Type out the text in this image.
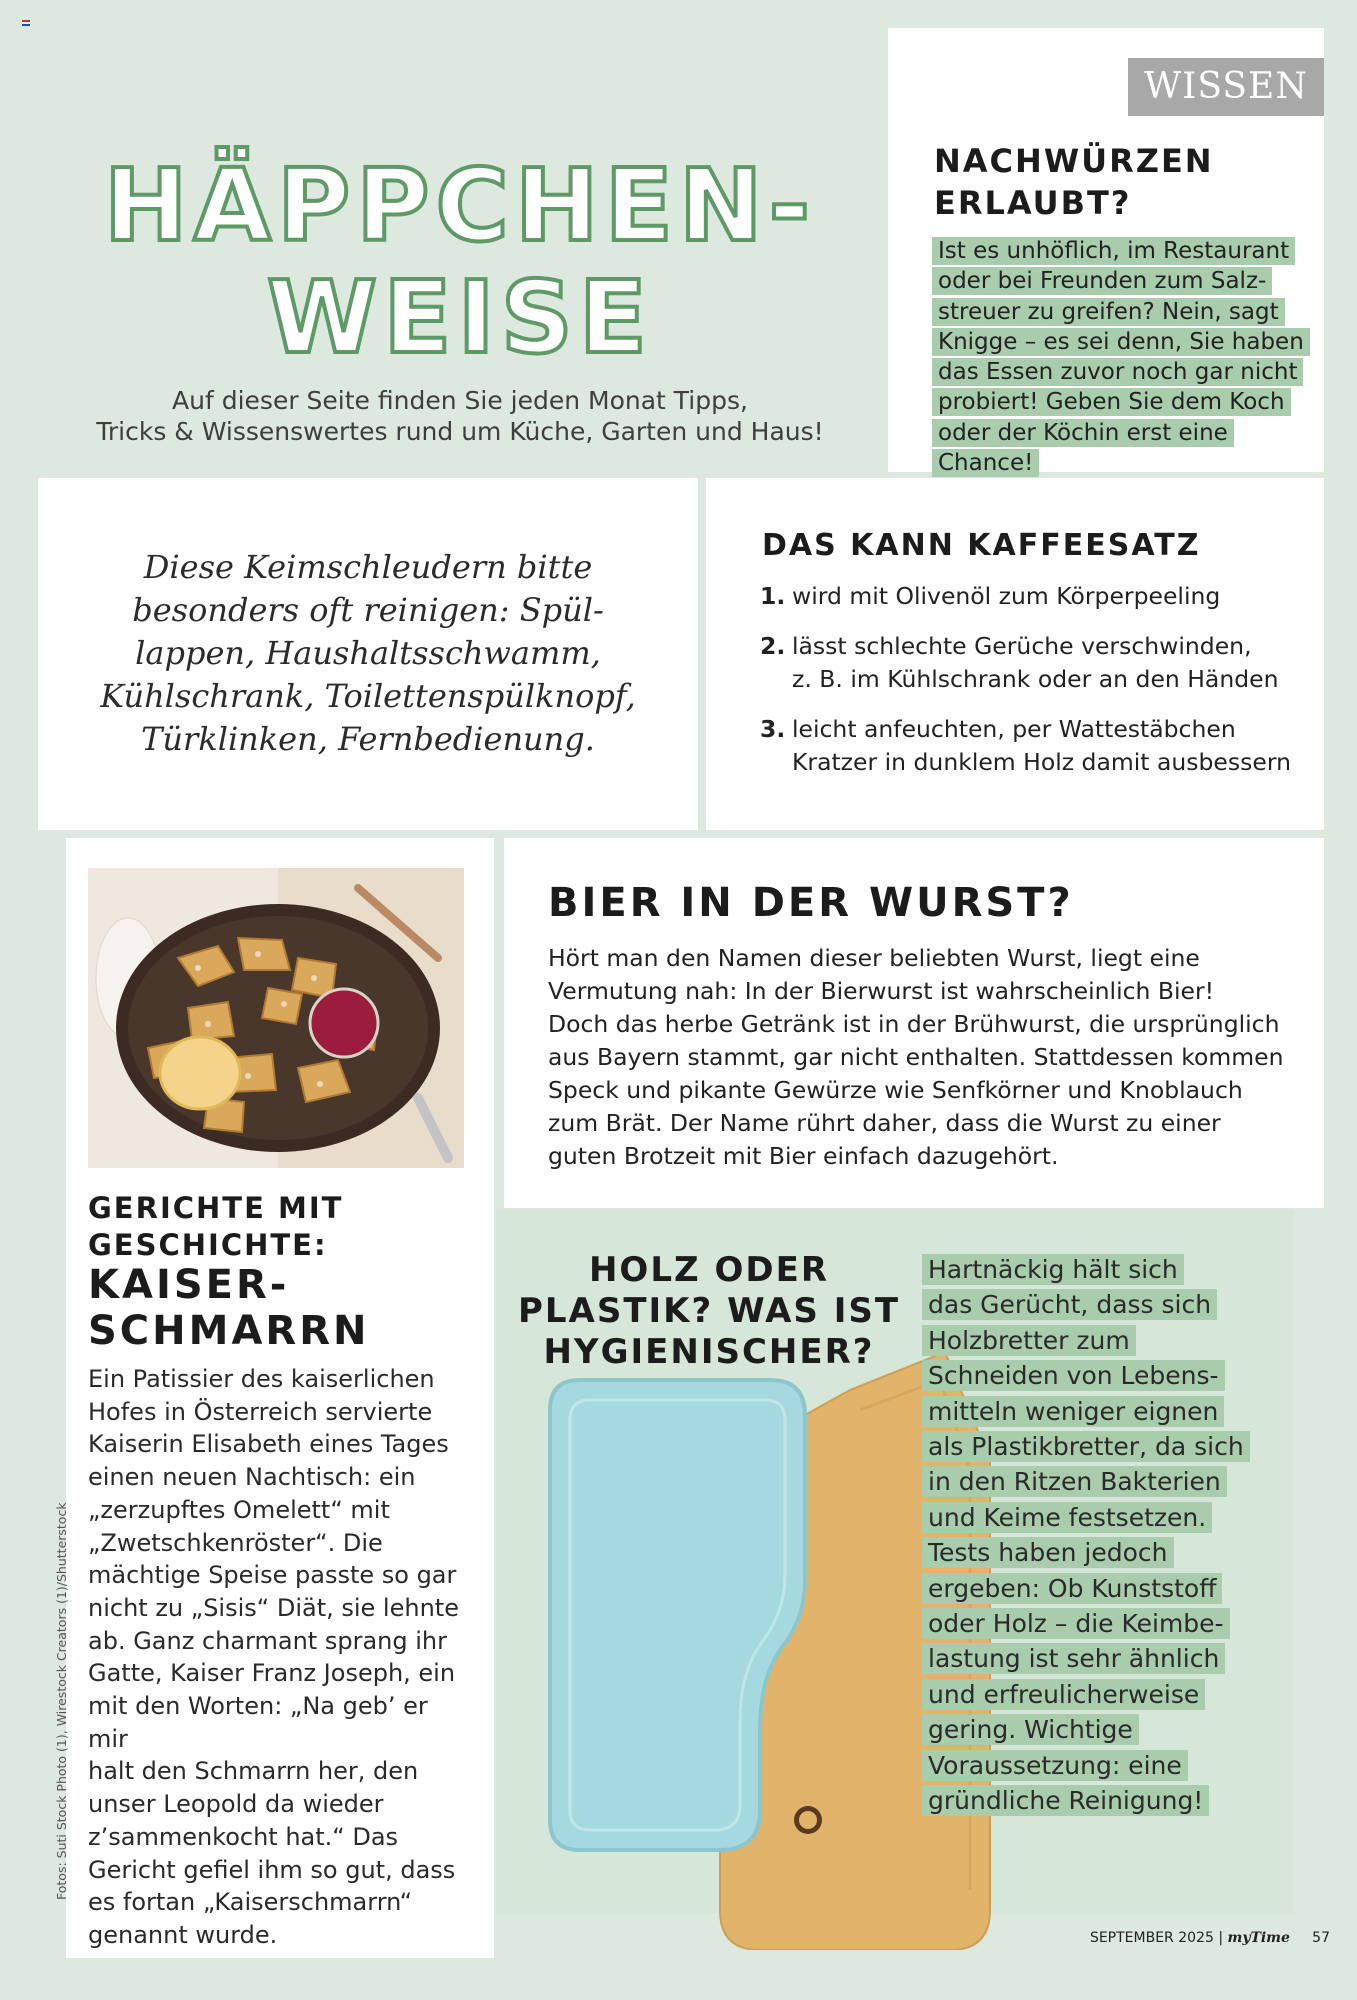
HÄPPCHEN-
WEISE
Auf dieser Seite finden Sie jeden Monat Tipps,
Tricks & Wissenswertes rund um Küche, Garten und Haus!
WISSEN
NACHWÜRZEN
ERLAUBT?
Ist es unhöflich, im Restaurant
oder bei Freunden zum Salz-
streuer zu greifen? Nein, sagt
Knigge – es sei denn, Sie haben
das Essen zuvor noch gar nicht
probiert! Geben Sie dem Koch
oder der Köchin erst eine Chance!
Diese Keimschleudern bitte
besonders oft reinigen: Spül-
lappen, Haushaltsschwamm,
Kühlschrank, Toilettenspülknopf,
Türklinken, Fernbedienung.
DAS KANN KAFFEESATZ
1. wird mit Olivenöl zum Körperpeeling
2. lässt schlechte Gerüche verschwinden,
z. B. im Kühlschrank oder an den Händen
3. leicht anfeuchten, per Wattestäbchen
Kratzer in dunklem Holz damit ausbessern
GERICHTE MIT
GESCHICHTE:
KAISER-
SCHMARRN
Ein Patissier des kaiserlichen
Hofes in Österreich servierte
Kaiserin Elisabeth eines Tages
einen neuen Nachtisch: ein
„zerzupftes Omelett“ mit
„Zwetschkenröster“. Die
mächtige Speise passte so gar
nicht zu „Sisis“ Diät, sie lehnte
ab. Ganz charmant sprang ihr
Gatte, Kaiser Franz Joseph, ein
mit den Worten: „Na geb’ er mir
halt den Schmarrn her, den
unser Leopold da wieder
z’sammenkocht hat.“ Das
Gericht gefiel ihm so gut, dass
es fortan „Kaiserschmarrn“
genannt wurde.
Fotos: Suti Stock Photo (1), Wirestock Creators (1)/Shutterstock
BIER IN DER WURST?
Hört man den Namen dieser beliebten Wurst, liegt eine
Vermutung nah: In der Bierwurst ist wahrscheinlich Bier!
Doch das herbe Getränk ist in der Brühwurst, die ursprünglich
aus Bayern stammt, gar nicht enthalten. Stattdessen kommen
Speck und pikante Gewürze wie Senfkörner und Knoblauch
zum Brät. Der Name rührt daher, dass die Wurst zu einer
guten Brotzeit mit Bier einfach dazugehört.
HOLZ ODER
PLASTIK? WAS IST
HYGIENISCHER?
Hartnäckig hält sich
das Gerücht, dass sich
Holzbretter zum
Schneiden von Lebens-
mitteln weniger eignen
als Plastikbretter, da sich
in den Ritzen Bakterien
und Keime festsetzen.
Tests haben jedoch
ergeben: Ob Kunststoff
oder Holz – die Keimbe-
lastung ist sehr ähnlich
und erfreulicherweise
gering. Wichtige
Voraussetzung: eine
gründliche Reinigung!
SEPTEMBER 2025 | myTime 57
